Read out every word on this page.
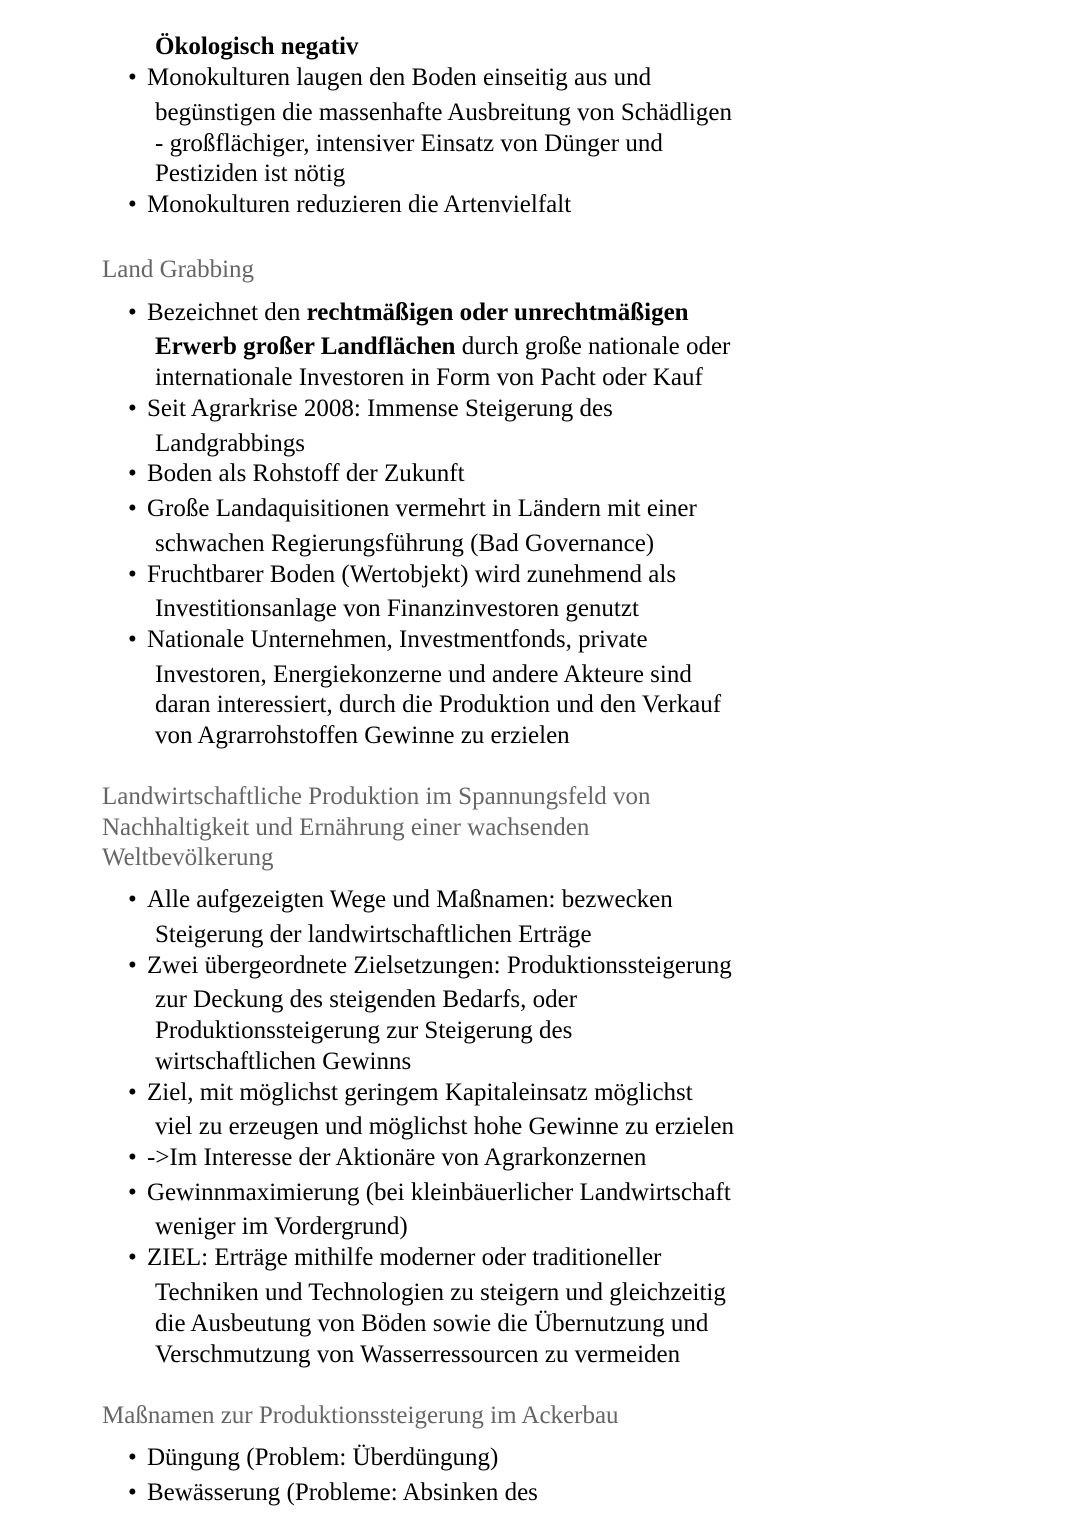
Ökologisch negativ
• Monokulturen laugen den Boden einseitig aus und
begünstigen die massenhafte Ausbreitung von Schädligen
- großflächiger, intensiver Einsatz von Dünger und
Pestiziden ist nötig
• Monokulturen reduzieren die Artenvielfalt
Land Grabbing
• Bezeichnet den rechtmäßigen oder unrechtmäßigen
Erwerb großer Landflächen durch große nationale oder
internationale Investoren in Form von Pacht oder Kauf
• Seit Agrarkrise 2008: Immense Steigerung des
Landgrabbings
• Boden als Rohstoff der Zukunft
• Große Landaquisitionen vermehrt in Ländern mit einer
schwachen Regierungsführung (Bad Governance)
• Fruchtbarer Boden (Wertobjekt) wird zunehmend als
Investitionsanlage von Finanzinvestoren genutzt
• Nationale Unternehmen, Investmentfonds, private
Investoren, Energiekonzerne und andere Akteure sind
daran interessiert, durch die Produktion und den Verkauf
von Agrarrohstoffen Gewinne zu erzielen
Landwirtschaftliche Produktion im Spannungsfeld von
Nachhaltigkeit und Ernährung einer wachsenden
Weltbevölkerung
• Alle aufgezeigten Wege und Maßnamen: bezwecken
Steigerung der landwirtschaftlichen Erträge
• Zwei übergeordnete Zielsetzungen: Produktionssteigerung
zur Deckung des steigenden Bedarfs, oder
Produktionssteigerung zur Steigerung des
wirtschaftlichen Gewinns
• Ziel, mit möglichst geringem Kapitaleinsatz möglichst
viel zu erzeugen und möglichst hohe Gewinne zu erzielen
• ->Im Interesse der Aktionäre von Agrarkonzernen
• Gewinnmaximierung (bei kleinbäuerlicher Landwirtschaft
weniger im Vordergrund)
• ZIEL: Erträge mithilfe moderner oder traditioneller
Techniken und Technologien zu steigern und gleichzeitig
die Ausbeutung von Böden sowie die Übernutzung und
Verschmutzung von Wasserressourcen zu vermeiden
Maßnamen zur Produktionssteigerung im Ackerbau
• Düngung (Problem: Überdüngung)
• Bewässerung (Probleme: Absinken des
